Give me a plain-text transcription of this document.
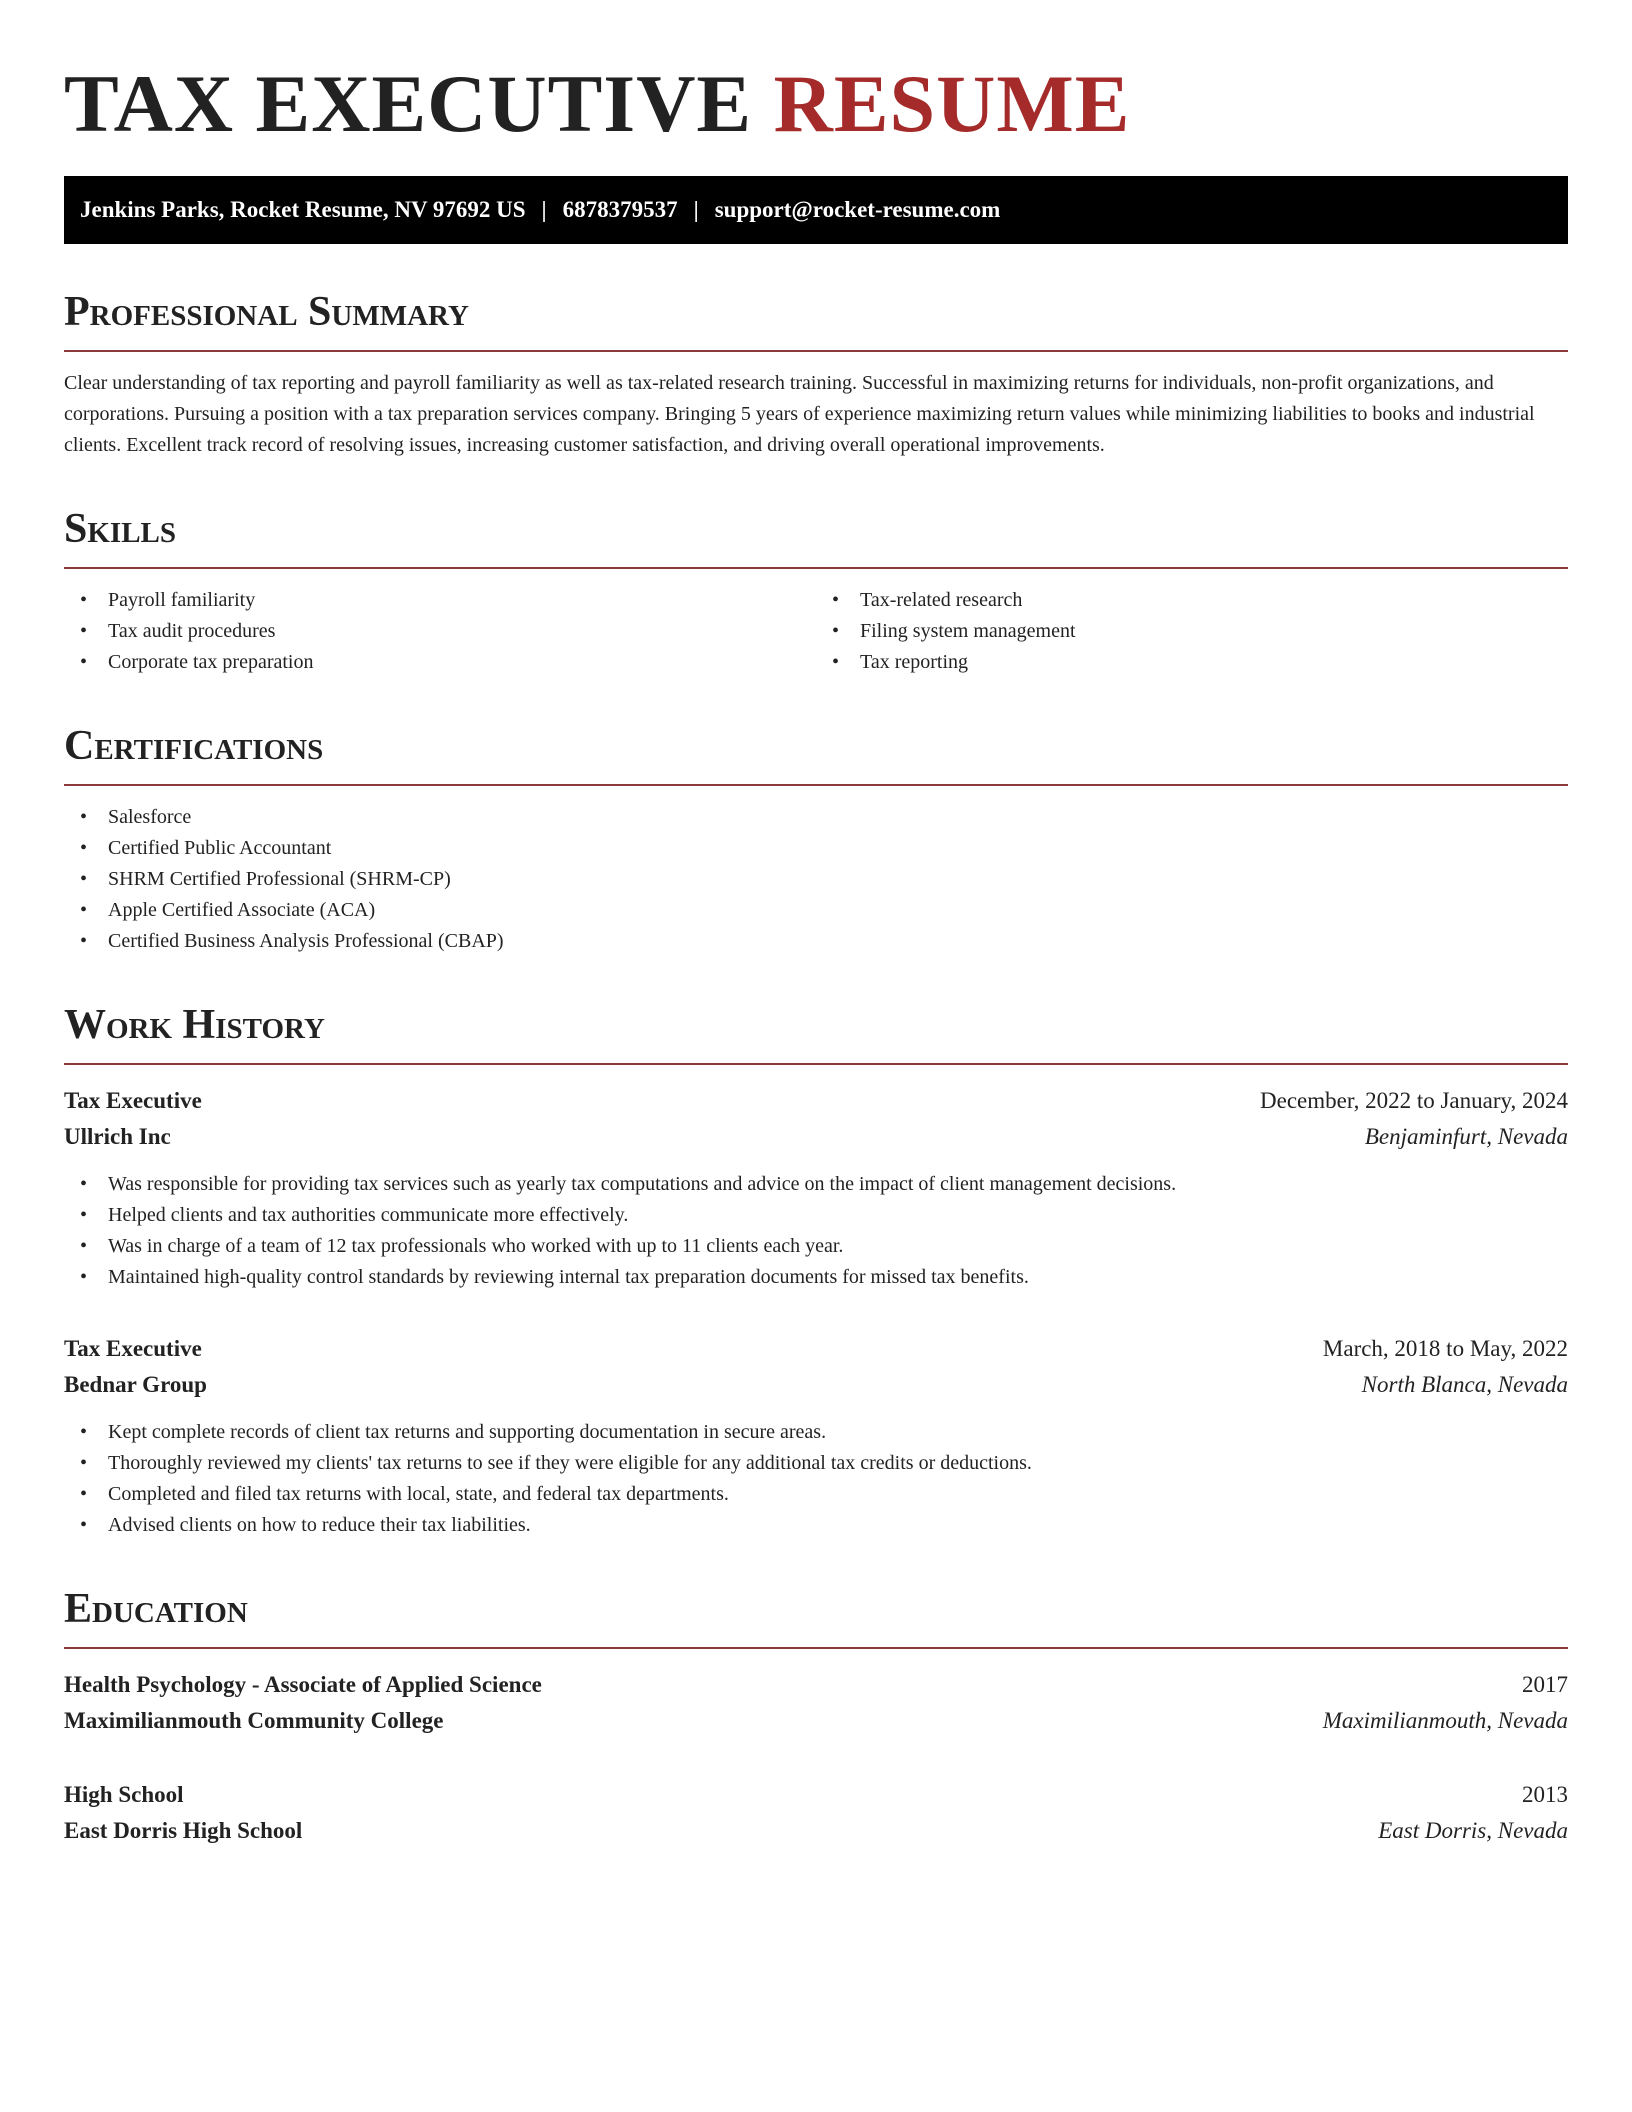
TAX EXECUTIVE RESUME
Jenkins Parks, Rocket Resume, NV 97692 US | 6878379537 | support@rocket-resume.com
Professional Summary

Clear understanding of tax reporting and payroll familiarity as well as tax-related research training. Successful in maximizing returns for individuals, non-profit organizations, and corporations. Pursuing a position with a tax preparation services company. Bringing 5 years of experience maximizing return values while minimizing liabilities to books and industrial clients. Excellent track record of resolving issues, increasing customer satisfaction, and driving overall operational improvements.

Skills
• Payroll familiarity
• Tax audit procedures
• Corporate tax preparation
• Tax-related research
• Filing system management
• Tax reporting
Certifications
• Salesforce
• Certified Public Accountant
• SHRM Certified Professional (SHRM-CP)
• Apple Certified Associate (ACA)
• Certified Business Analysis Professional (CBAP)
Work History
Tax Executive	December, 2022 to January, 2024
Ullrich Inc	Benjaminfurt, Nevada
• Was responsible for providing tax services such as yearly tax computations and advice on the impact of client management decisions.
• Helped clients and tax authorities communicate more effectively.
• Was in charge of a team of 12 tax professionals who worked with up to 11 clients each year.
• Maintained high-quality control standards by reviewing internal tax preparation documents for missed tax benefits.
Tax Executive	March, 2018 to May, 2022
Bednar Group	North Blanca, Nevada
• Kept complete records of client tax returns and supporting documentation in secure areas.
• Thoroughly reviewed my clients' tax returns to see if they were eligible for any additional tax credits or deductions.
• Completed and filed tax returns with local, state, and federal tax departments.
• Advised clients on how to reduce their tax liabilities.
Education
Health Psychology - Associate of Applied Science	2017
Maximilianmouth Community College	Maximilianmouth, Nevada
High School	2013
East Dorris High School	East Dorris, Nevada
